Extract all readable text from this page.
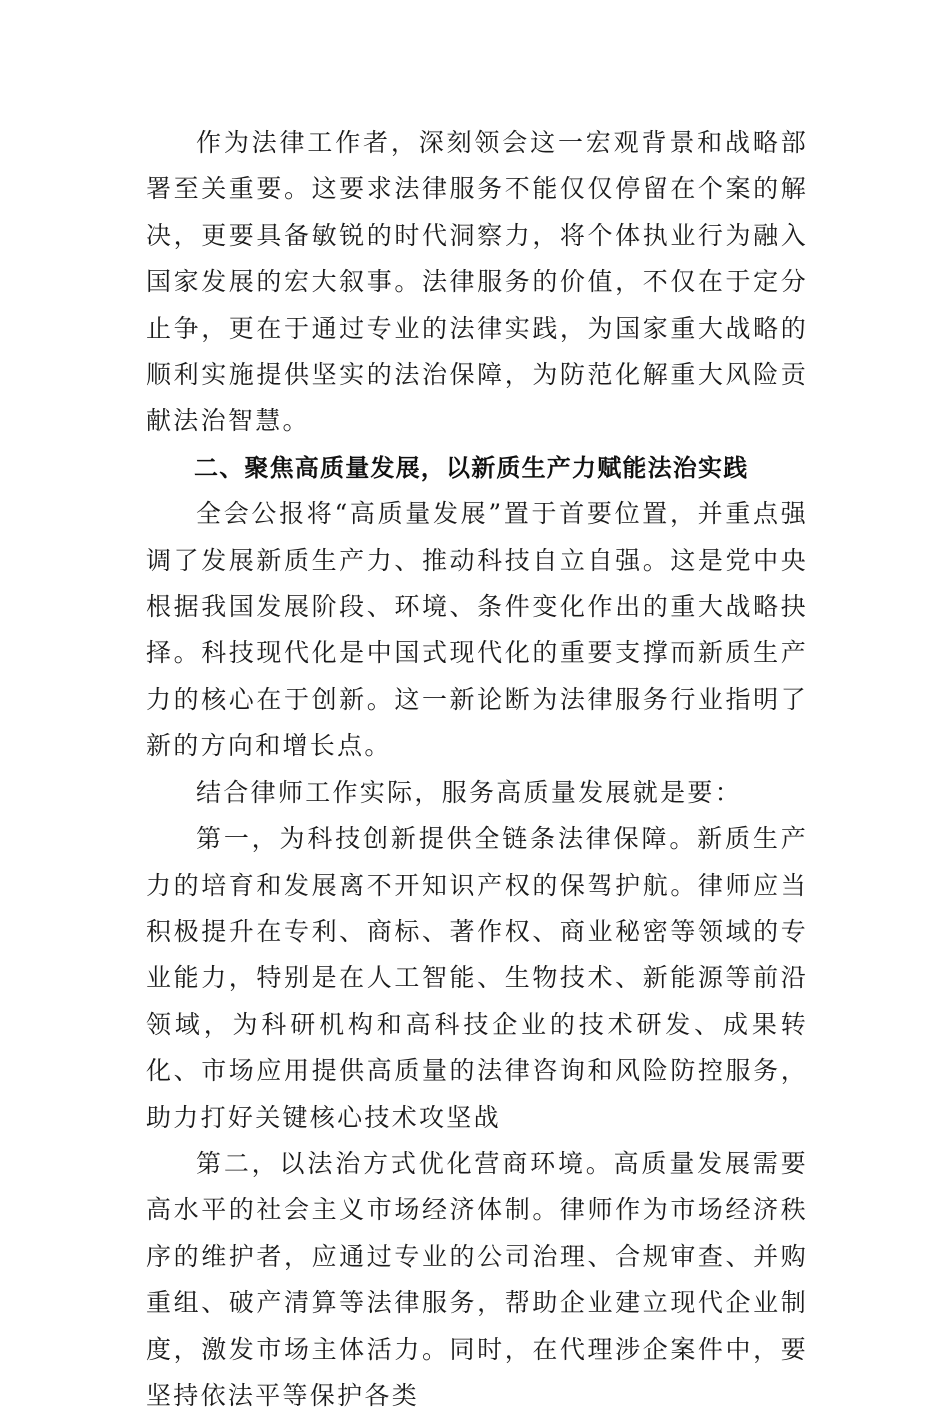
作为法律工作者，深刻领会这一宏观背景和战略部署至关重要。这要求法律服务不能仅仅停留在个案的解决，更要具备敏锐的时代洞察力，将个体执业行为融入国家发展的宏大叙事。法律服务的价值，不仅在于定分止争，更在于通过专业的法律实践，为国家重大战略的顺利实施提供坚实的法治保障，为防范化解重大风险贡献法治智慧。

二、聚焦高质量发展，以新质生产力赋能法治实践

全会公报将“高质量发展”置于首要位置，并重点强调了发展新质生产力、推动科技自立自强。这是党中央根据我国发展阶段、环境、条件变化作出的重大战略抉择。科技现代化是中国式现代化的重要支撑而新质生产力的核心在于创新。这一新论断为法律服务行业指明了新的方向和增长点。

结合律师工作实际，服务高质量发展就是要：

第一，为科技创新提供全链条法律保障。新质生产力的培育和发展离不开知识产权的保驾护航。律师应当积极提升在专利、商标、著作权、商业秘密等领域的专业能力，特别是在人工智能、生物技术、新能源等前沿领域，为科研机构和高科技企业的技术研发、成果转化、市场应用提供高质量的法律咨询和风险防控服务，助力打好关键核心技术攻坚战

第二，以法治方式优化营商环境。高质量发展需要高水平的社会主义市场经济体制。律师作为市场经济秩序的维护者，应通过专业的公司治理、合规审查、并购重组、破产清算等法律服务，帮助企业建立现代企业制度，激发市场主体活力。同时，在代理涉企案件中，要坚持依法平等保护各类
